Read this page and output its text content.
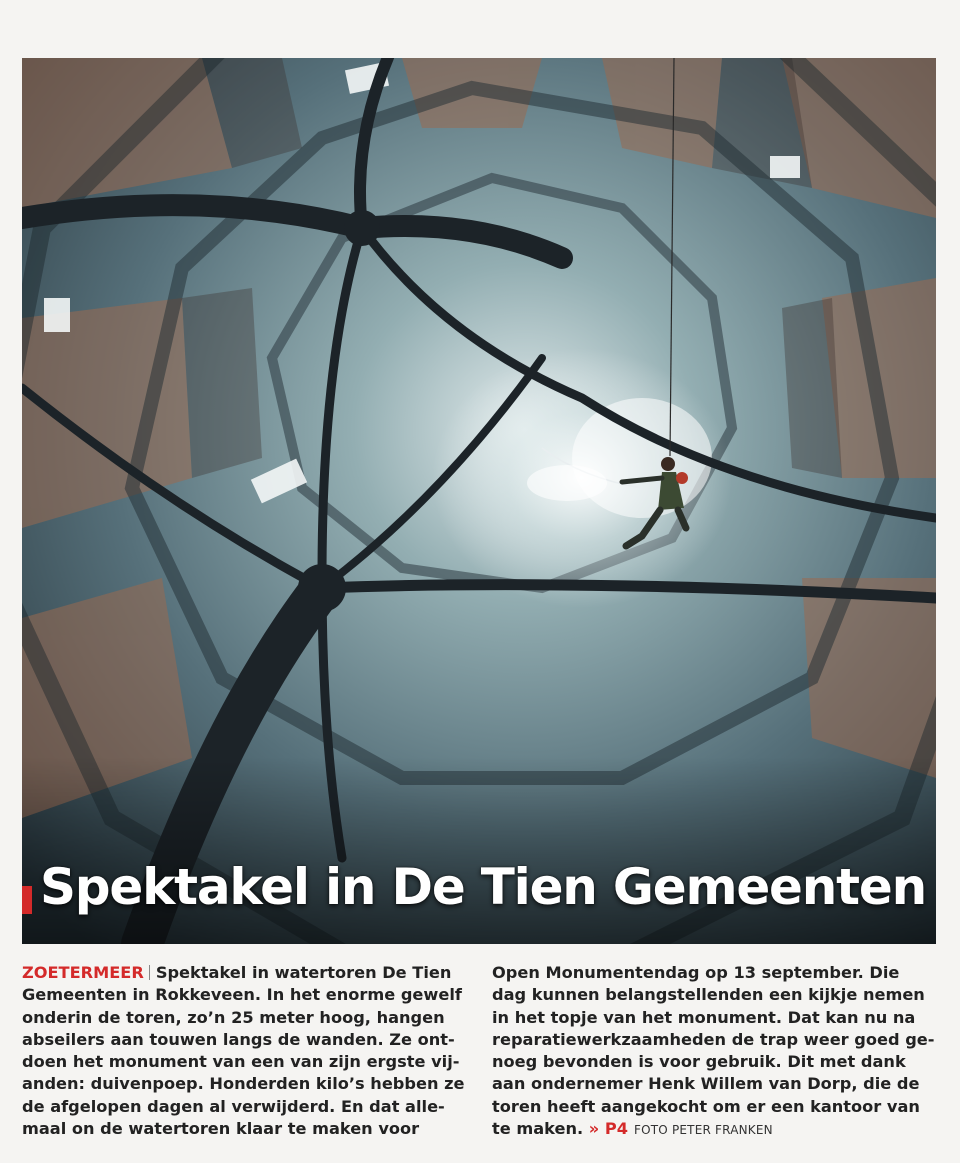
Spektakel in De Tien Gemeenten
ZOETERMEER Spektakel in watertoren De Tien
Gemeenten in Rokkeveen. In het enorme gewelf
onderin de toren, zo’n 25 meter hoog, hangen
abseilers aan touwen langs de wanden. Ze ont-
doen het monument van een van zijn ergste vij-
anden: duivenpoep. Honderden kilo’s hebben ze
de afgelopen dagen al verwijderd. En dat alle-
maal on de watertoren klaar te maken voor
Open Monumentendag op 13 september. Die
dag kunnen belangstellenden een kijkje nemen
in het topje van het monument. Dat kan nu na
reparatiewerkzaamheden de trap weer goed ge-
noeg bevonden is voor gebruik. Dit met dank
aan ondernemer Henk Willem van Dorp, die de
toren heeft aangekocht om er een kantoor van
te maken. » P4 FOTO PETER FRANKEN
